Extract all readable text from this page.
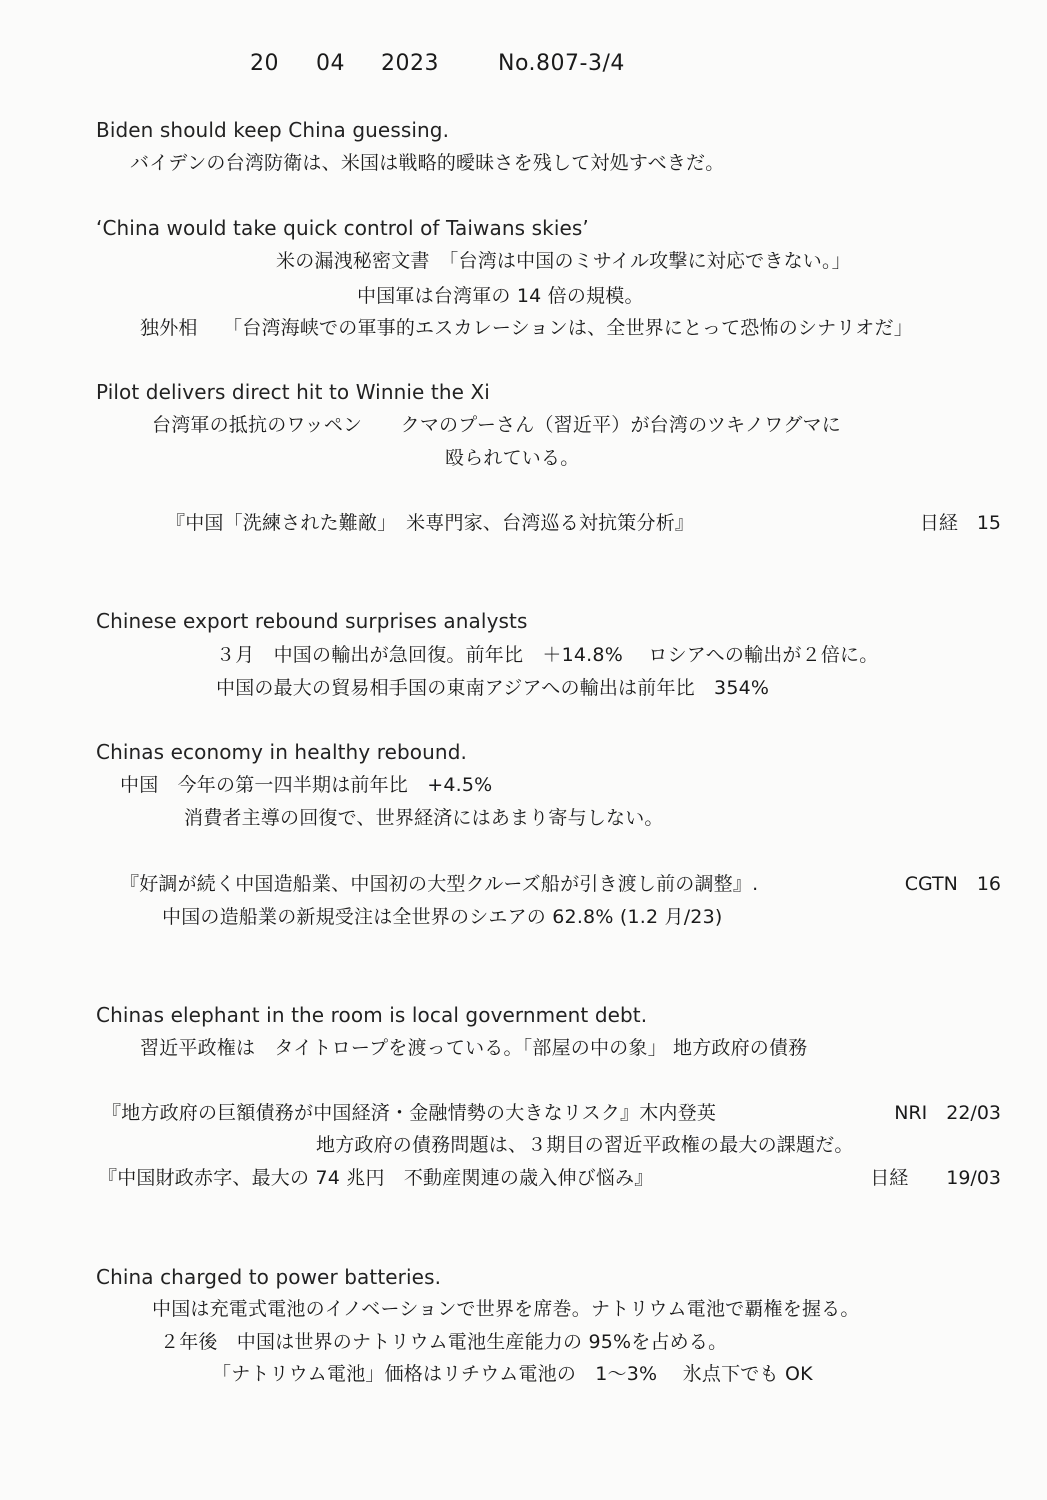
20 04 2023	No.807-3/4
Biden should keep China guessing.
バイデンの台湾防衛は、米国は戦略的曖昧さを残して対処すべきだ。
‘China would take quick control of Taiwans skies’
米の漏洩秘密文書　「台湾は中国のミサイル攻撃に対応できない。」
中国軍は台湾軍の 14 倍の規模。
独外相　 「台湾海峡での軍事的エスカレーションは、全世界にとって恐怖のシナリオだ」
Pilot delivers direct hit to Winnie the Xi
台湾軍の抵抗のワッペン　　クマのプーさん（習近平）が台湾のツキノワグマに
殴られている。
『中国「洗練された難敵」　米専門家、台湾巡る対抗策分析』	日経　15
Chinese export rebound surprises analysts
３月　中国の輸出が急回復。前年比　＋14.8%　 ロシアへの輸出が２倍に。
中国の最大の貿易相手国の東南アジアへの輸出は前年比　354%
Chinas economy in healthy rebound.
中国　今年の第一四半期は前年比　+4.5%
消費者主導の回復で、世界経済にはあまり寄与しない。
『好調が続く中国造船業、中国初の大型クルーズ船が引き渡し前の調整』.	CGTN　16
中国の造船業の新規受注は全世界のシエアの 62.8% (1.2 月/23)
Chinas elephant in the room is local government debt.
習近平政権は　タイトロープを渡っている。「部屋の中の象」 地方政府の債務
『地方政府の巨額債務が中国経済・金融情勢の大きなリスク』木内登英	NRI　22/03
地方政府の債務問題は、３期目の習近平政権の最大の課題だ。
『中国財政赤字、最大の 74 兆円　不動産関連の歳入伸び悩み』	日経　　19/03
China charged to power batteries.
中国は充電式電池のイノベーションで世界を席巻。ナトリウム電池で覇権を握る。
２年後　中国は世界のナトリウム電池生産能力の 95%を占める。
「ナトリウム電池」価格はリチウム電池の　1～3%　 氷点下でも OK
